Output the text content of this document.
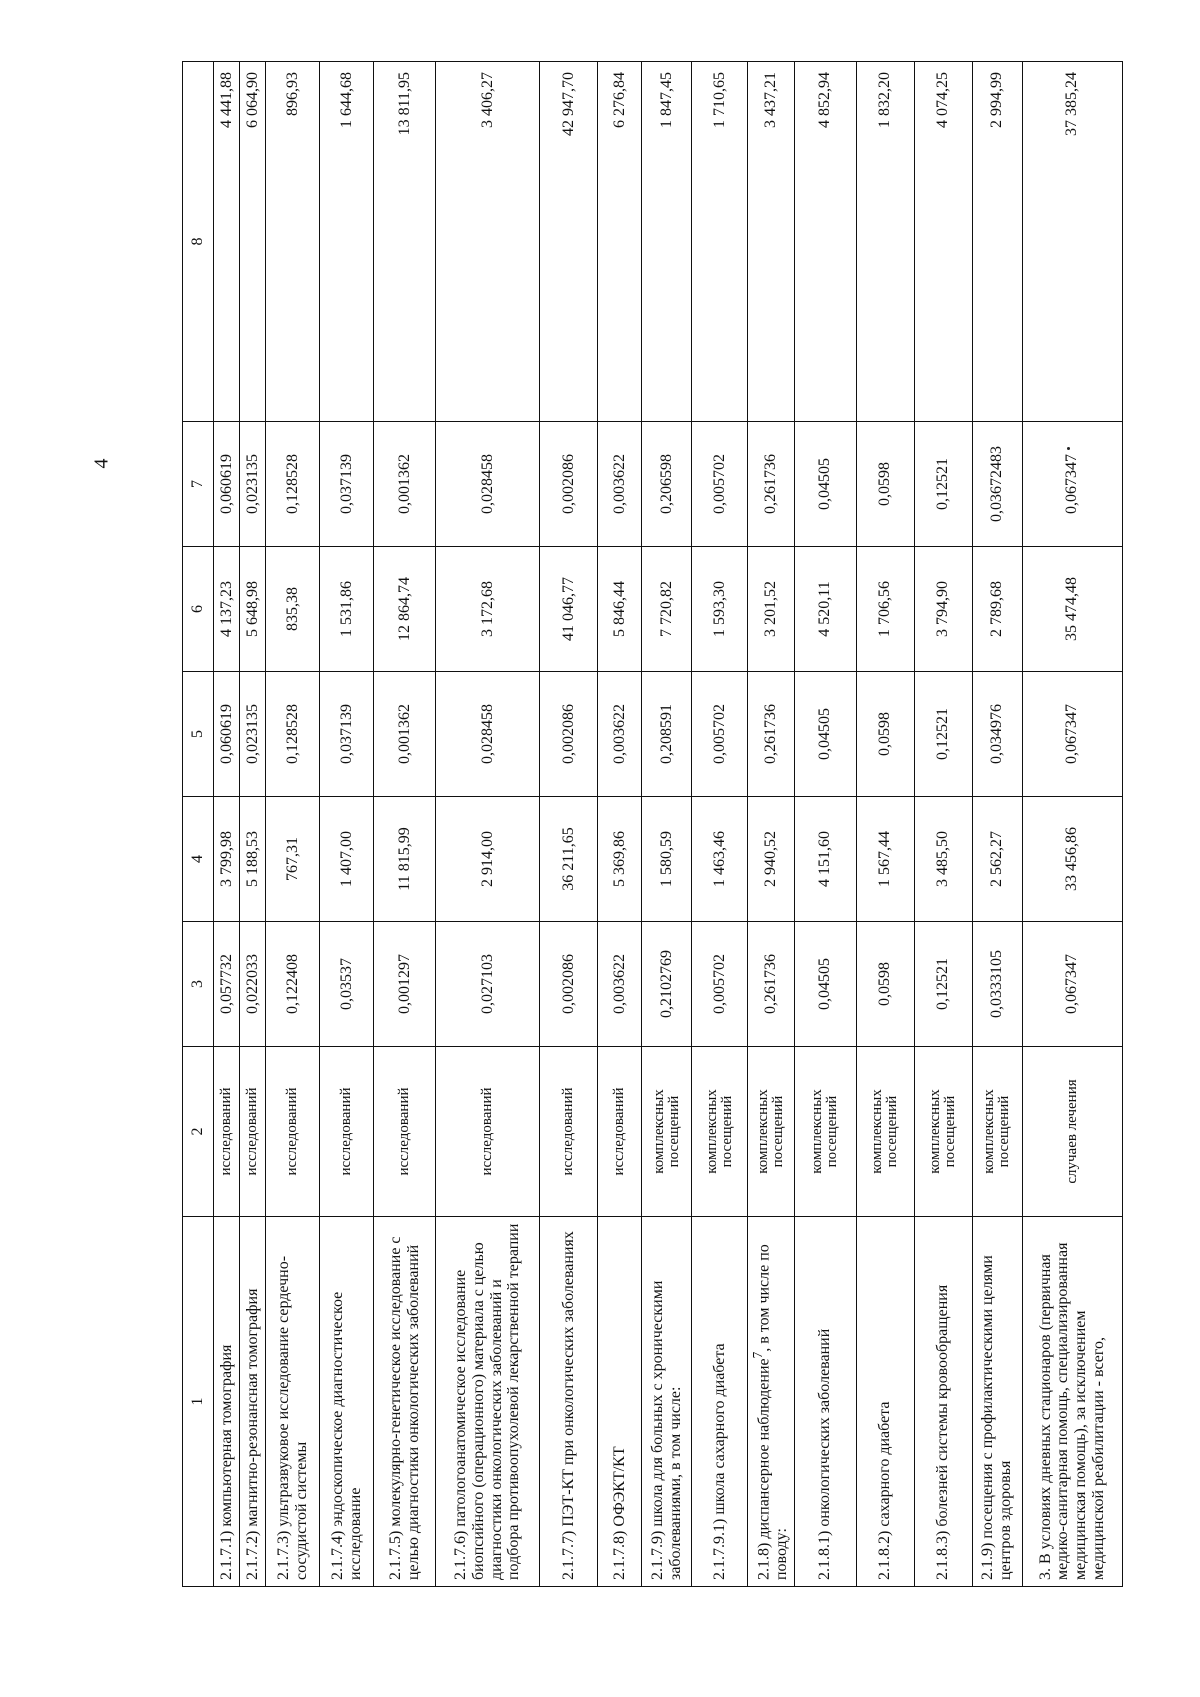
4
1	2	3	4	5	6	7	8
2.1.7.1) компьютерная томография	исследований	0,057732	3 799,98	0,060619	4 137,23	0,060619	4 441,88
2.1.7.2) магнитно-резонансная томография	исследований	0,022033	5 188,53	0,023135	5 648,98	0,023135	6 064,90
2.1.7.3) ультразвуковое исследование сердечно-сосудистой системы	исследований	0,122408	767,31	0,128528	835,38	0,128528	896,93
2.1.7.4) эндоскопическое диагностическое исследование	исследований	0,03537	1 407,00	0,037139	1 531,86	0,037139	1 644,68
2.1.7.5) молекулярно-генетическое исследование с целью диагностики онкологических заболеваний	исследований	0,001297	11 815,99	0,001362	12 864,74	0,001362	13 811,95
2.1.7.6) патологоанатомическое исследование биопсийного (операционного) материала с целью диагностики онкологических заболеваний и подбора противоопухолевой лекарственной терапии	исследований	0,027103	2 914,00	0,028458	3 172,68	0,028458	3 406,27
2.1.7.7) ПЭТ-КТ при онкологических заболеваниях	исследований	0,002086	36 211,65	0,002086	41 046,77	0,002086	42 947,70
2.1.7.8) ОФЭКТ/КТ	исследований	0,003622	5 369,86	0,003622	5 846,44	0,003622	6 276,84
2.1.7.9) школа для больных с хроническими заболеваниями, в том числе:	комплексных посещений	0,2102769	1 580,59	0,208591	7 720,82	0,206598	1 847,45
2.1.7.9.1) школа сахарного диабета	комплексных посещений	0,005702	1 463,46	0,005702	1 593,30	0,005702	1 710,65
2.1.8) диспансерное наблюдение$^7$, в том числе по поводу:	комплексных посещений	0,261736	2 940,52	0,261736	3 201,52	0,261736	3 437,21
2.1.8.1) онкологических заболеваний	комплексных посещений	0,04505	4 151,60	0,04505	4 520,11	0,04505	4 852,94
2.1.8.2) сахарного диабета	комплексных посещений	0,0598	1 567,44	0,0598	1 706,56	0,0598	1 832,20
2.1.8.3) болезней системы кровообращения	комплексных посещений	0,12521	3 485,50	0,12521	3 794,90	0,12521	4 074,25
2.1.9) посещения с профилактическими целями центров здоровья	комплексных посещений	0,0333105	2 562,27	0,034976	2 789,68	0,03672483	2 994,99
3. В условиях дневных стационаров (первичная медико-санитарная помощь, специализированная медицинская помощь), за исключением медицинской реабилитации - всего,	случаев лечения	0,067347	33 456,86	0,067347	35 474,48	0,067347	37 385,24
